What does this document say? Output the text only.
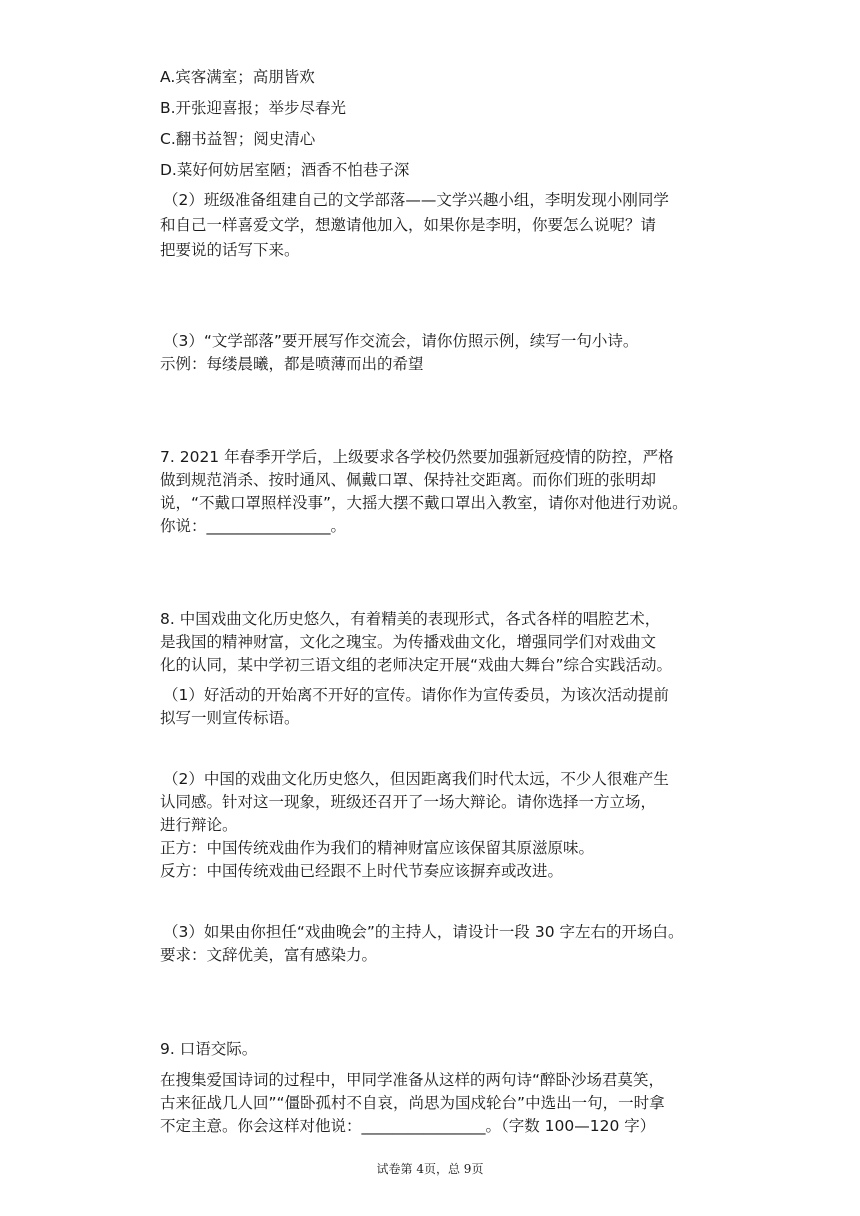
A.宾客满室；高朋皆欢
B.开张迎喜报；举步尽春光
C.翻书益智；阅史清心
D.菜好何妨居室陋；酒香不怕巷子深
（2）班级准备组建自己的文学部落——文学兴趣小组，李明发现小刚同学
和自己一样喜爱文学，想邀请他加入，如果你是李明，你要怎么说呢？请
把要说的话写下来。
（3）“文学部落”要开展写作交流会，请你仿照示例，续写一句小诗。
示例：每缕晨曦，都是喷薄而出的希望
7. 2021 年春季开学后，上级要求各学校仍然要加强新冠疫情的防控，严格
做到规范消杀、按时通风、佩戴口罩、保持社交距离。而你们班的张明却
说，“不戴口罩照样没事”，大摇大摆不戴口罩出入教室，请你对他进行劝说。
你说：________________。
8. 中国戏曲文化历史悠久，有着精美的表现形式，各式各样的唱腔艺术，
是我国的精神财富，文化之瑰宝。为传播戏曲文化，增强同学们对戏曲文
化的认同，某中学初三语文组的老师决定开展“戏曲大舞台”综合实践活动。
（1）好活动的开始离不开好的宣传。请你作为宣传委员，为该次活动提前
拟写一则宣传标语。
（2）中国的戏曲文化历史悠久，但因距离我们时代太远，不少人很难产生
认同感。针对这一现象，班级还召开了一场大辩论。请你选择一方立场，
进行辩论。
正方：中国传统戏曲作为我们的精神财富应该保留其原滋原味。
反方：中国传统戏曲已经跟不上时代节奏应该摒弃或改进。
（3）如果由你担任“戏曲晚会”的主持人，请设计一段 30 字左右的开场白。
要求：文辞优美，富有感染力。
9. 口语交际。
在搜集爱国诗词的过程中，甲同学准备从这样的两句诗“醉卧沙场君莫笑，
古来征战几人回”“僵卧孤村不自哀，尚思为国戍轮台”中选出一句，一时拿
不定主意。你会这样对他说：________________。（字数 100—120 字）
试卷第 4页，总 9页
